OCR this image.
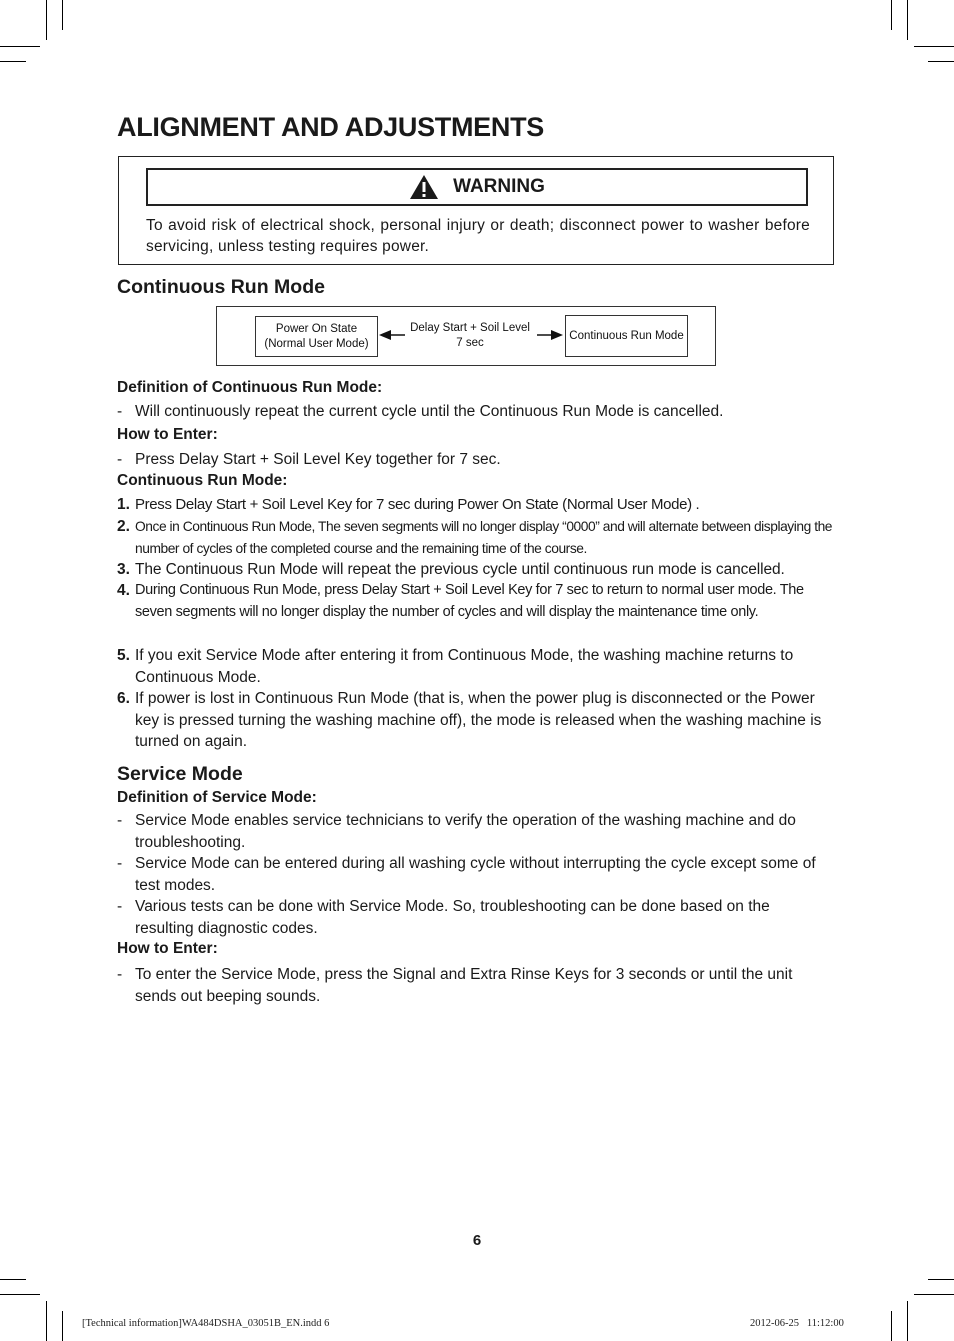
ALIGNMENT AND ADJUSTMENTS
WARNING

To avoid risk of electrical shock, personal injury or death; disconnect power to washer before servicing, unless testing requires power.

Continuous Run Mode
Power On State
(Normal User Mode)
Delay Start + Soil Level
7 sec
Continuous Run Mode

Definition of Continuous Run Mode:

- Will continuously repeat the current cycle until the Continuous Run Mode is cancelled.

How to Enter:

- Press Delay Start + Soil Level Key together for 7 sec.

Continuous Run Mode:

1. Press Delay Start + Soil Level Key for 7 sec during Power On State (Normal User Mode) .

2. Once in Continuous Run Mode, The seven segments will no longer display “0000” and will alternate between displaying the number of cycles of the completed course and the remaining time of the course.

3. The Continuous Run Mode will repeat the previous cycle until continuous run mode is cancelled.

4. During Continuous Run Mode, press Delay Start + Soil Level Key for 7 sec to return to normal user mode. The seven segments will no longer display the number of cycles and will display the maintenance time only.

5. If you exit Service Mode after entering it from Continuous Mode, the washing machine returns to Continuous Mode.

6. If power is lost in Continuous Run Mode (that is, when the power plug is disconnected or the Power key is pressed turning the washing machine off), the mode is released when the washing machine is turned on again.

Service Mode

Definition of Service Mode:

- Service Mode enables service technicians to verify the operation of the washing machine and do troubleshooting.

- Service Mode can be entered during all washing cycle without interrupting the cycle except some of test modes.

- Various tests can be done with Service Mode. So, troubleshooting can be done based on the resulting diagnostic codes.

How to Enter:

- To enter the Service Mode, press the Signal and Extra Rinse Keys for 3 seconds or until the unit sends out beeping sounds.

6
[Technical information]WA484DSHA_03051B_EN.indd 6	2012-06-25   11:12:00
